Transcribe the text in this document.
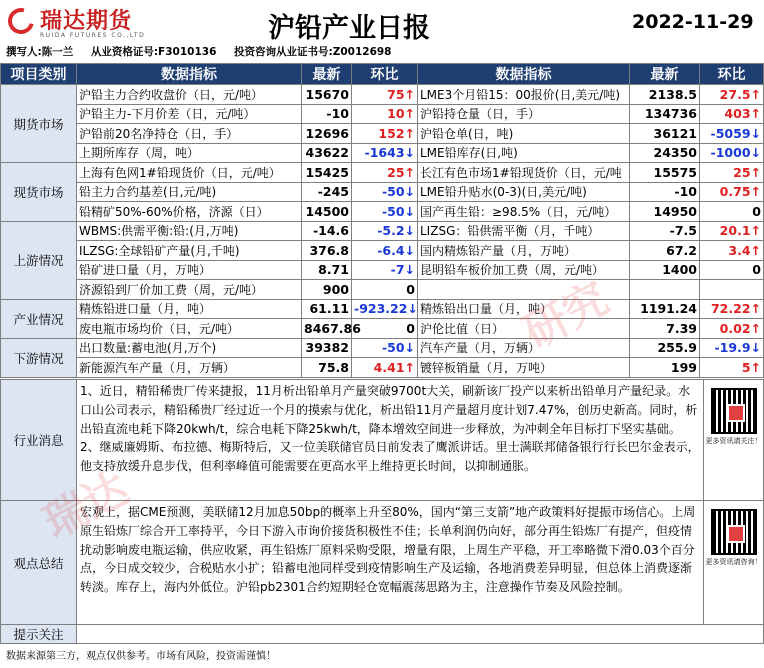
瑞达期货
RUIDA FUTURES CO.,LTD	沪铅产业日报	2022-11-29
撰写人:陈一兰 从业资格证号:F3010136 投资咨询从业证书号:Z0012698
项目类别	数据指标	最新	环比	数据指标	最新	环比
期货市场	沪铅主力合约收盘价（日，元/吨）	15670	75↑	LME3个月铅15：00报价(日,美元/吨)	2138.5	27.5↑
	沪铅主力-下月价差（日，元/吨）	-10	10↑	沪铅持仓量（日，手）	134736	403↑
	沪铅前20名净持仓（日，手）	12696	152↑	沪铅仓单(日，吨)	36121	-5059↓
	上期所库存（周，吨）	43622	-1643↓	LME铅库存(日,吨)	24350	-1000↓
现货市场	上海有色网1#铅现货价（日，元/吨）	15425	25↑	长江有色市场1#铅现货价（日，元/吨	15575	25↑
	铅主力合约基差(日,元/吨)	-245	-50↓	LME铅升贴水(0-3)(日,美元/吨)	-10	0.75↑
	铅精矿50%-60%价格，济源（日）	14500	-50↓	国产再生铅：≥98.5%（日，元/吨）	14950	0
上游情况	WBMS:供需平衡:铅:(月,万吨)	-14.6	-5.2↓	LIZSG：铅供需平衡（月，千吨）	-7.5	20.1↑
	ILZSG:全球铅矿产量(月,千吨)	376.8	-6.4↓	国内精炼铅产量（月，万吨）	67.2	3.4↑
	铅矿进口量（月，万吨）	8.71	-7↓	昆明铅车板价加工费（周，元/吨）	1400	0
	济源铅到厂价加工费（周，元/吨）	900	0			
产业情况	精炼铅进口量（月，吨）	61.11	-923.22↓	精炼铅出口量（月，吨）	1191.24	72.22↑
	废电瓶市场均价（日，元/吨）	8467.86	0	沪伦比值（日）	7.39	0.02↑
下游情况	出口数量:蓄电池(月,万个)	39382	-50↓	汽车产量（月，万辆）	255.9	-19.9↓
	新能源汽车产量（月，万辆）	75.8	4.41↑	镀锌板销量（月，万吨）	199	5↑
行业消息	1、近日，精铅稀贵厂传来捷报，11月析出铅单月产量突破9700t大关，刷新该厂投产以来析出铅单月产量纪录。水口山公司表示，精铅稀贵厂经过近一个月的摸索与优化，析出铅11月产量超月度计划7.47%，创历史新高。同时，析出铅直流电耗下降20kwh/t，综合电耗下降25kwh/t，降本增效空间进一步释放，为冲刺全年目标打下坚实基础。
2、继威廉姆斯、布拉德、梅斯特后，又一位美联储官员日前发表了鹰派讲话。里士满联邦储备银行行长巴尔金表示，他支持放缓升息步伐，但利率峰值可能需要在更高水平上维持更长时间，以抑制通胀。	更多资讯请关注！

观点总结	宏观上，据CME预测，美联储12月加息50bp的概率上升至80%，国内“第三支箭”地产政策料好提振市场信心。上周原生铅炼厂综合开工率持平，今日下游入市询价接货积极性不佳；长单利润仍向好，部分再生铅炼厂有提产，但疫情扰动影响废电瓶运输，供应收紧，再生铅炼厂原料采购受限，增量有限，上周生产平稳，开工率略微下滑0.03个百分点，今日成交较少，合税贴水小扩；铅蓄电池同样受到疫情影响生产及运输，各地消费差异明显，但总体上消费逐渐转淡。库存上，海内外低位。沪铅pb2301合约短期轻仓宽幅震荡思路为主，注意操作节奏及风险控制。	更多资讯请咨询！

提示关注		
数据来源第三方，观点仅供参考。市场有风险，投资需谨慎！
瑞达
研究
